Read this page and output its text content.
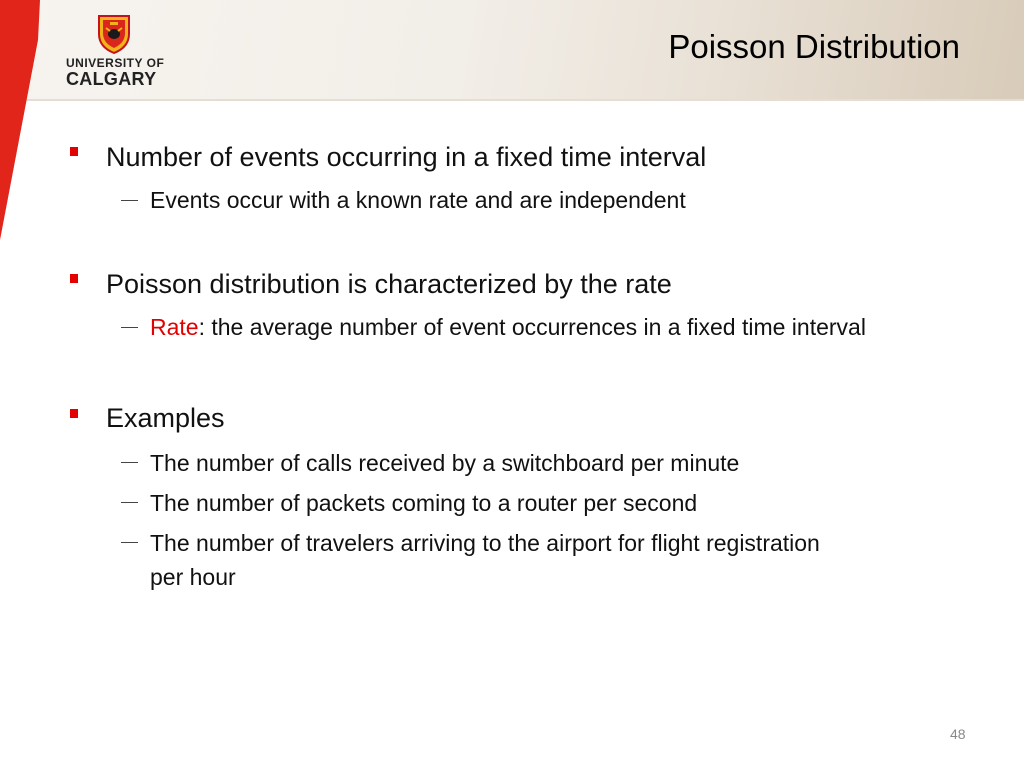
UNIVERSITY OF
CALGARY
Poisson Distribution
Number of events occurring in a fixed time interval
Events occur with a known rate and are independent
Poisson distribution is characterized by the rate
Rate: the average number of event occurrences in a fixed time interval
Examples
The number of calls received by a switchboard per minute
The number of packets coming to a router per second
The number of travelers arriving to the airport for flight registration
per hour
48
